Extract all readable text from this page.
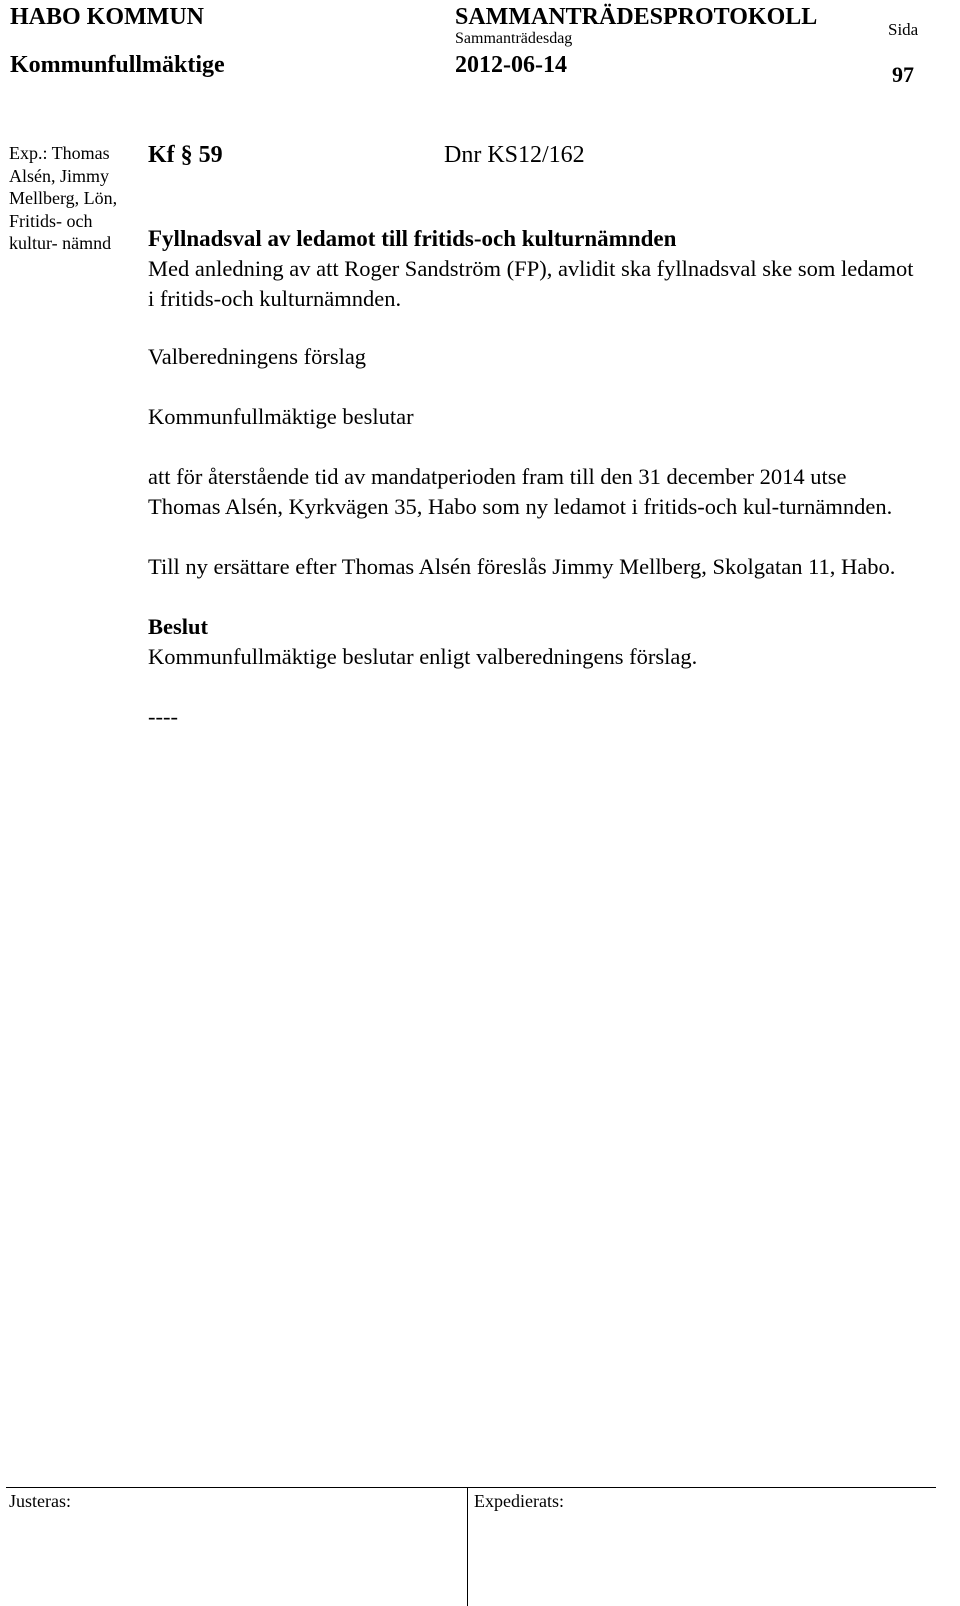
HABO KOMMUN
Kommunfullmäktige
SAMMANTRÄDESPROTOKOLL
Sammanträdesdag
2012-06-14
Sida
97
Exp.: Thomas Alsén, Jimmy Mellberg, Lön, Fritids- och kultur- nämnd
Kf § 59	Dnr KS12/162

Fyllnadsval av ledamot till fritids-och kulturnämnden

Med anledning av att Roger Sandström (FP), avlidit ska fyllnadsval ske som ledamot i fritids-och kulturnämnden.

Valberedningens förslag

Kommunfullmäktige beslutar

att för återstående tid av mandatperioden fram till den 31 december 2014 utse Thomas Alsén, Kyrkvägen 35, Habo som ny ledamot i fritids-och kul-turnämnden.

Till ny ersättare efter Thomas Alsén föreslås Jimmy Mellberg, Skolgatan 11, Habo.

Beslut

Kommunfullmäktige beslutar enligt valberedningens förslag.

----

Justeras:	Expedierats:
